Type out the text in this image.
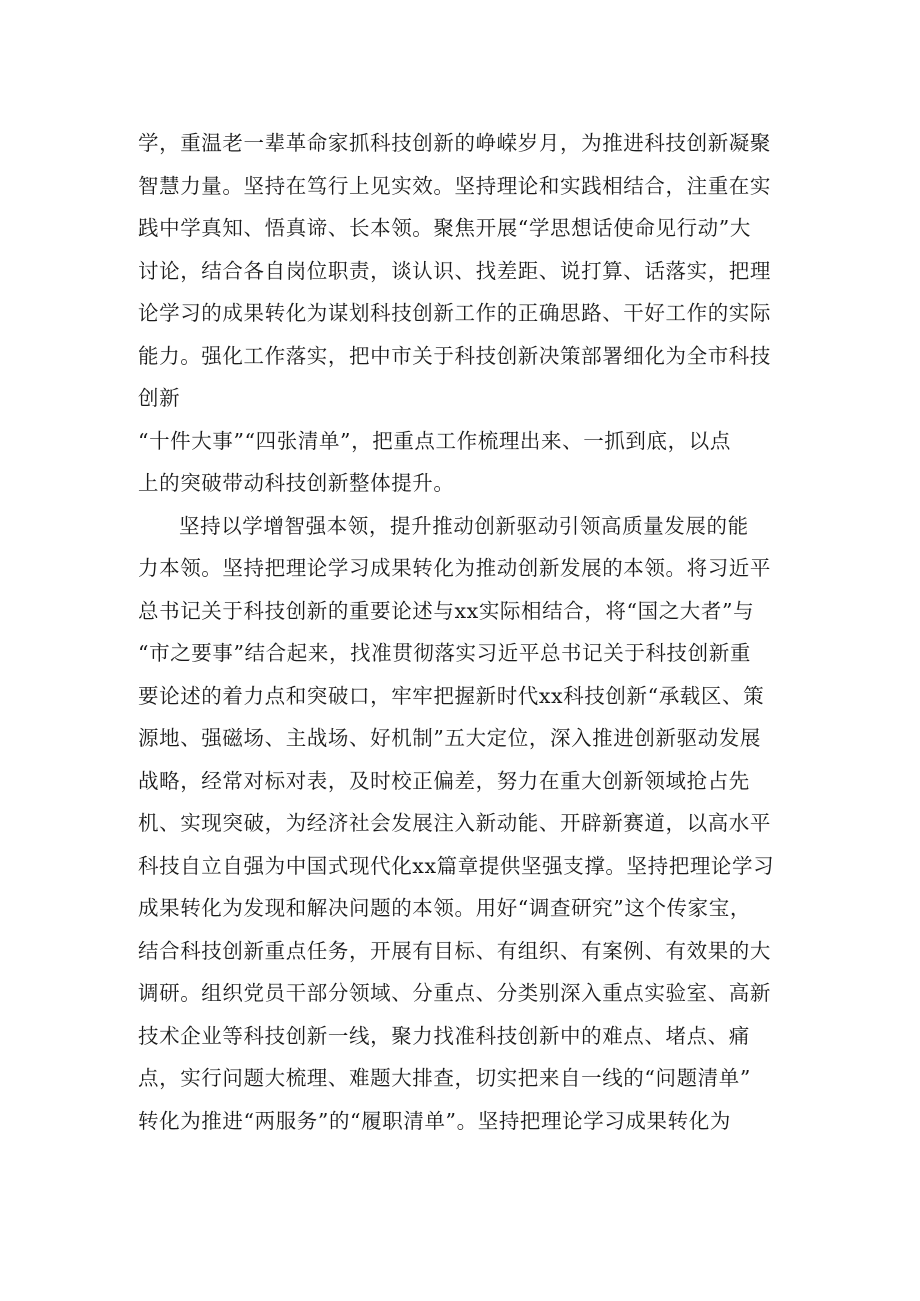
学，重温老一辈革命家抓科技创新的峥嵘岁月，为推进科技创新凝聚
智慧力量。坚持在笃行上见实效。坚持理论和实践相结合，注重在实
践中学真知、悟真谛、长本领。聚焦开展“学思想话使命见行动”大
讨论，结合各自岗位职责，谈认识、找差距、说打算、话落实，把理
论学习的成果转化为谋划科技创新工作的正确思路、干好工作的实际
能力。强化工作落实，把中市关于科技创新决策部署细化为全市科技
创新
“十件大事”“四张清单”，把重点工作梳理出来、一抓到底，以点
上的突破带动科技创新整体提升。
坚持以学增智强本领，提升推动创新驱动引领高质量发展的能
力本领。坚持把理论学习成果转化为推动创新发展的本领。将习近平
总书记关于科技创新的重要论述与xx实际相结合，将“国之大者”与
“市之要事”结合起来，找准贯彻落实习近平总书记关于科技创新重
要论述的着力点和突破口，牢牢把握新时代xx科技创新“承载区、策
源地、强磁场、主战场、好机制”五大定位，深入推进创新驱动发展
战略，经常对标对表，及时校正偏差，努力在重大创新领域抢占先
机、实现突破，为经济社会发展注入新动能、开辟新赛道，以高水平
科技自立自强为中国式现代化xx篇章提供坚强支撑。坚持把理论学习
成果转化为发现和解决问题的本领。用好“调查研究”这个传家宝，
结合科技创新重点任务，开展有目标、有组织、有案例、有效果的大
调研。组织党员干部分领域、分重点、分类别深入重点实验室、高新
技术企业等科技创新一线，聚力找准科技创新中的难点、堵点、痛
点，实行问题大梳理、难题大排查，切实把来自一线的“问题清单”
转化为推进“两服务”的“履职清单”。坚持把理论学习成果转化为
